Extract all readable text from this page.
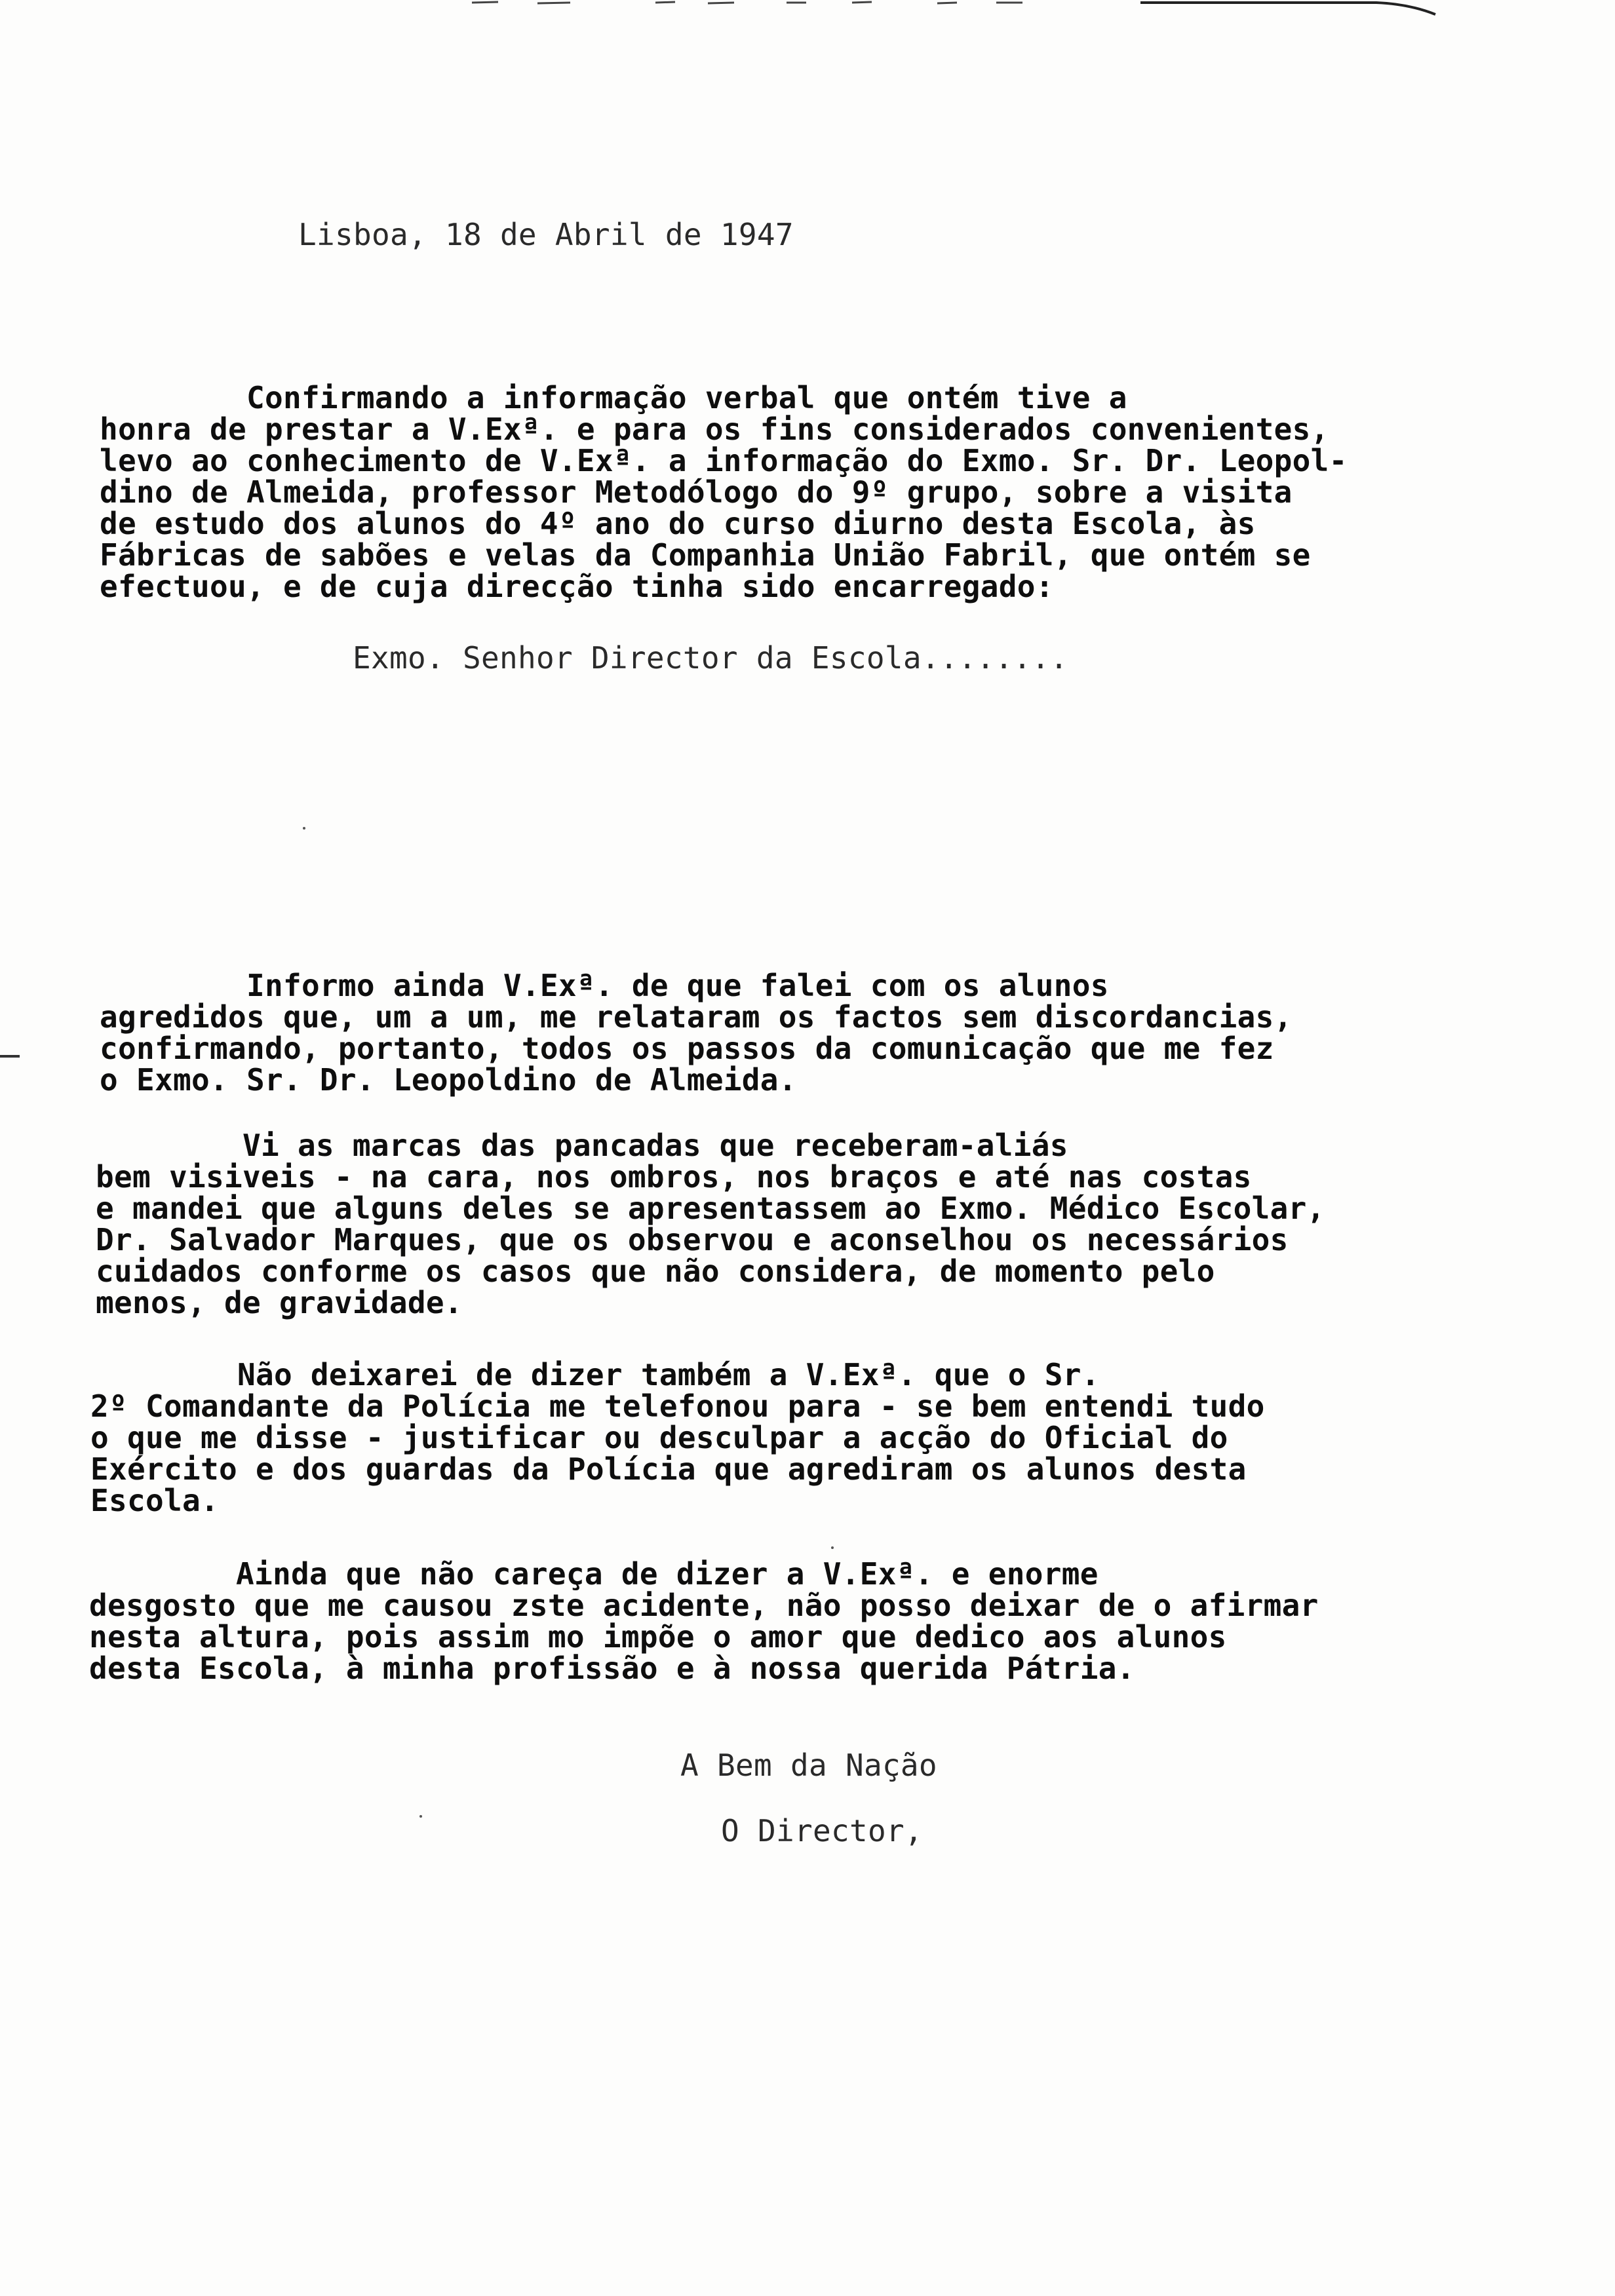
Lisboa, 18 de Abril de 1947
Confirmando a informação verbal que ontém tive a
honra de prestar a V.Exª. e para os fins considerados convenientes,
levo ao conhecimento de V.Exª. a informação do Exmo. Sr. Dr. Leopol-
dino de Almeida, professor Metodólogo do 9º grupo, sobre a visita
de estudo dos alunos do 4º ano do curso diurno desta Escola, às
Fábricas de sabões e velas da Companhia União Fabril, que ontém se
efectuou, e de cuja direcção tinha sido encarregado:
Exmo. Senhor Director da Escola........
Informo ainda V.Exª. de que falei com os alunos
agredidos que, um a um, me relataram os factos sem discordancias,
confirmando, portanto, todos os passos da comunicação que me fez
o Exmo. Sr. Dr. Leopoldino de Almeida.
Vi as marcas das pancadas que receberam-aliás
bem visiveis - na cara, nos ombros, nos braços e até nas costas
e mandei que alguns deles se apresentassem ao Exmo. Médico Escolar,
Dr. Salvador Marques, que os observou e aconselhou os necessários
cuidados conforme os casos que não considera, de momento pelo
menos, de gravidade.
Não deixarei de dizer também a V.Exª. que o Sr.
2º Comandante da Polícia me telefonou para - se bem entendi tudo
o que me disse - justificar ou desculpar a acção do Oficial do
Exército e dos guardas da Polícia que agrediram os alunos desta
Escola.
Ainda que não careça de dizer a V.Exª. e enorme
desgosto que me causou zste acidente, não posso deixar de o afirmar
nesta altura, pois assim mo impõe o amor que dedico aos alunos
desta Escola, à minha profissão e à nossa querida Pátria.
A Bem da Nação
O Director,
